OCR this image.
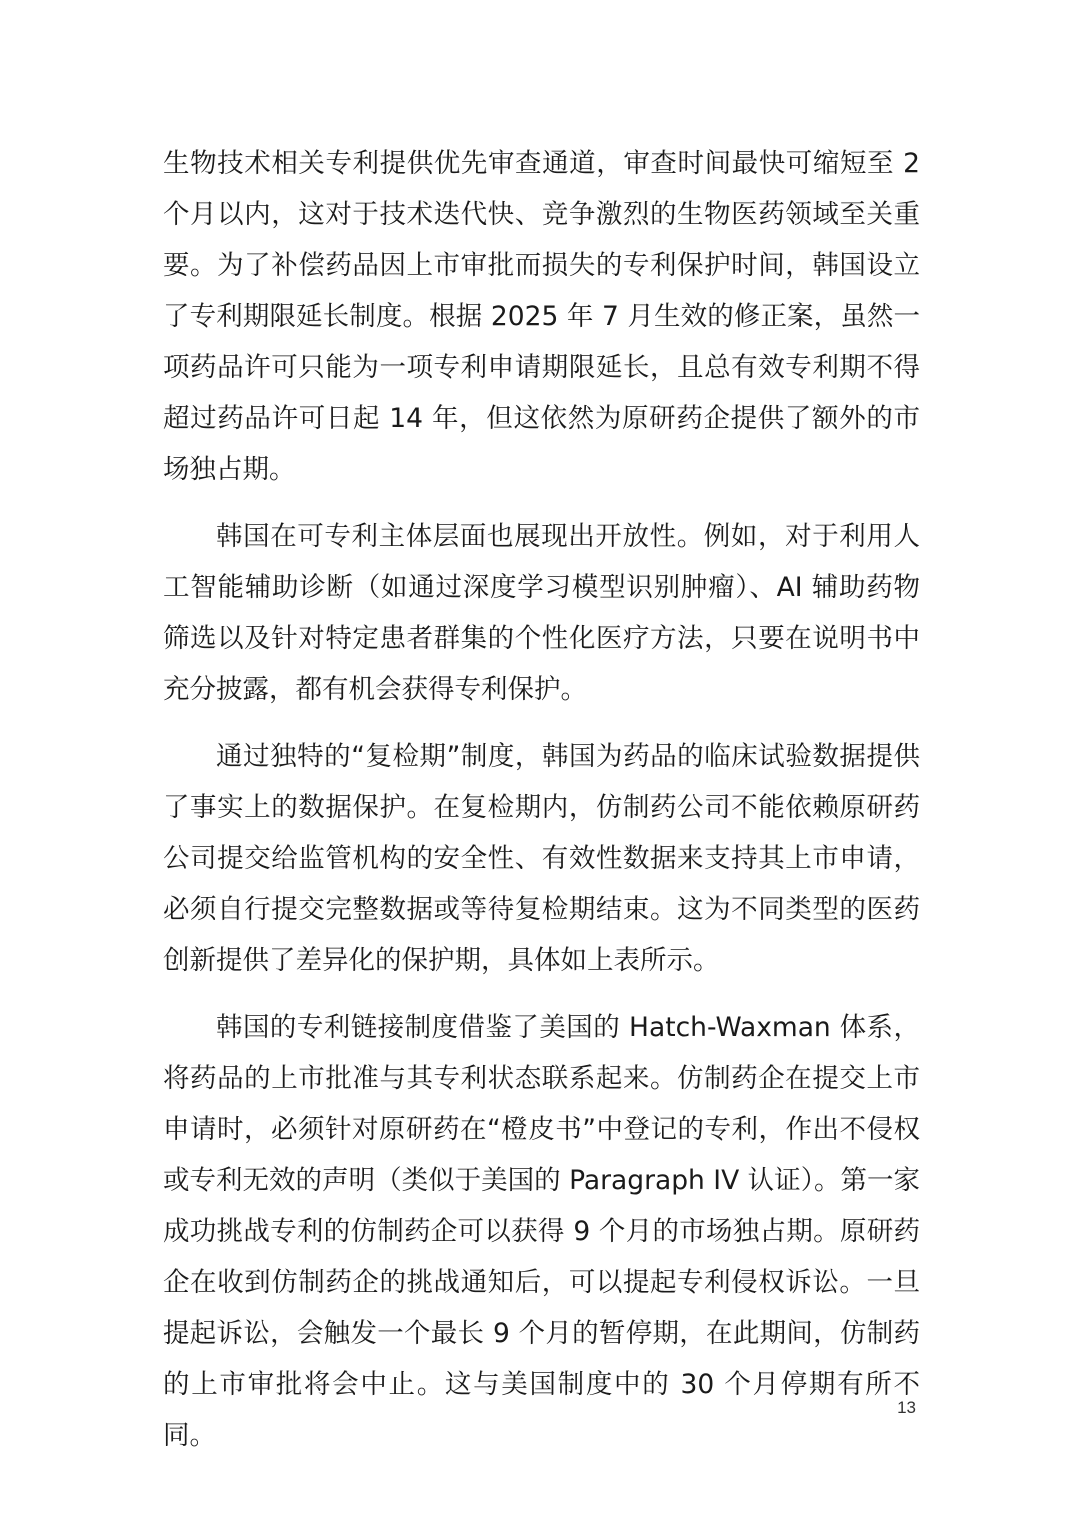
生物技术相关专利提供优先审查通道，审查时间最快可缩短至 2 个月以内，这对于技术迭代快、竞争激烈的生物医药领域至关重要。为了补偿药品因上市审批而损失的专利保护时间，韩国设立了专利期限延长制度。根据 2025 年 7 月生效的修正案，虽然一项药品许可只能为一项专利申请期限延长，且总有效专利期不得超过药品许可日起 14 年，但这依然为原研药企提供了额外的市场独占期。

韩国在可专利主体层面也展现出开放性。例如，对于利用人工智能辅助诊断（如通过深度学习模型识别肿瘤）、AI 辅助药物筛选以及针对特定患者群集的个性化医疗方法，只要在说明书中充分披露，都有机会获得专利保护。

通过独特的“复检期”制度，韩国为药品的临床试验数据提供了事实上的数据保护。在复检期内，仿制药公司不能依赖原研药公司提交给监管机构的安全性、有效性数据来支持其上市申请，必须自行提交完整数据或等待复检期结束。这为不同类型的医药创新提供了差异化的保护期，具体如上表所示。

韩国的专利链接制度借鉴了美国的 Hatch-Waxman 体系，将药品的上市批准与其专利状态联系起来。仿制药企在提交上市申请时，必须针对原研药在“橙皮书”中登记的专利，作出不侵权或专利无效的声明（类似于美国的 Paragraph IV 认证）。第一家成功挑战专利的仿制药企可以获得 9 个月的市场独占期。原研药企在收到仿制药企的挑战通知后，可以提起专利侵权诉讼。一旦提起诉讼，会触发一个最长 9 个月的暂停期，在此期间，仿制药的上市审批将会中止。这与美国制度中的 30 个月停期有所不同。

13
